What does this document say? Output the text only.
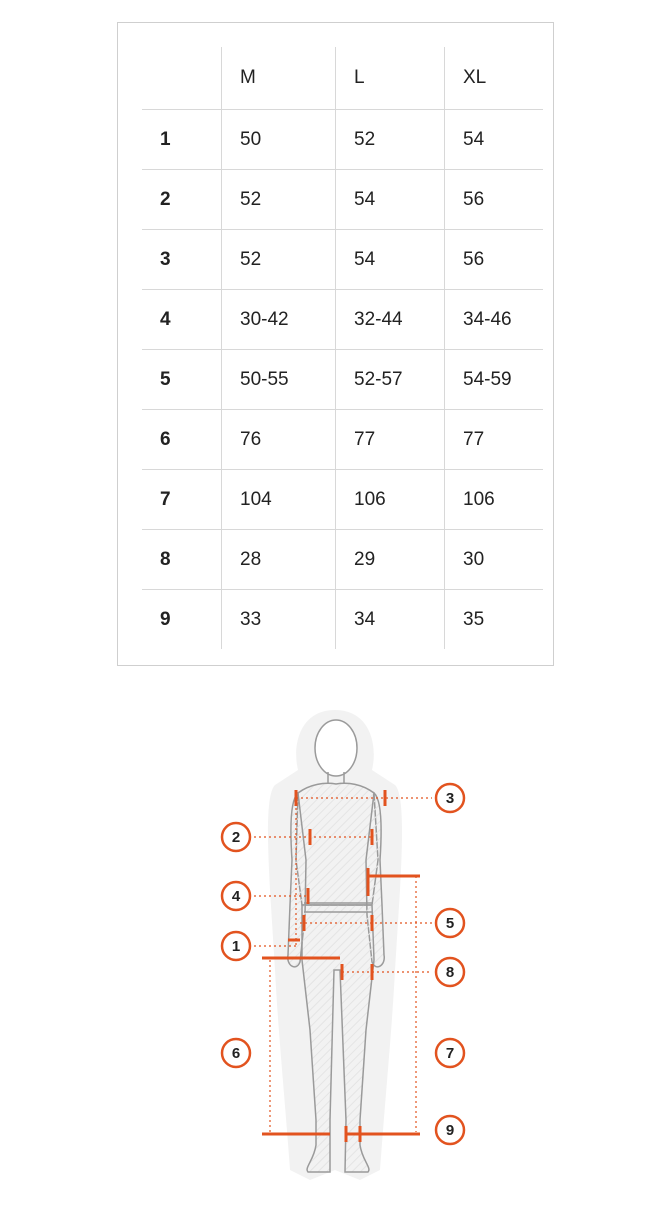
	M	L	XL
1	50	52	54
2	52	54	56
3	52	54	56
4	30-42	32-44	34-46
5	50-55	52-57	54-59
6	76	77	77
7	104	106	106
8	28	29	30
9	33	34	35
1
2
3
4
5
6	7
8
9
